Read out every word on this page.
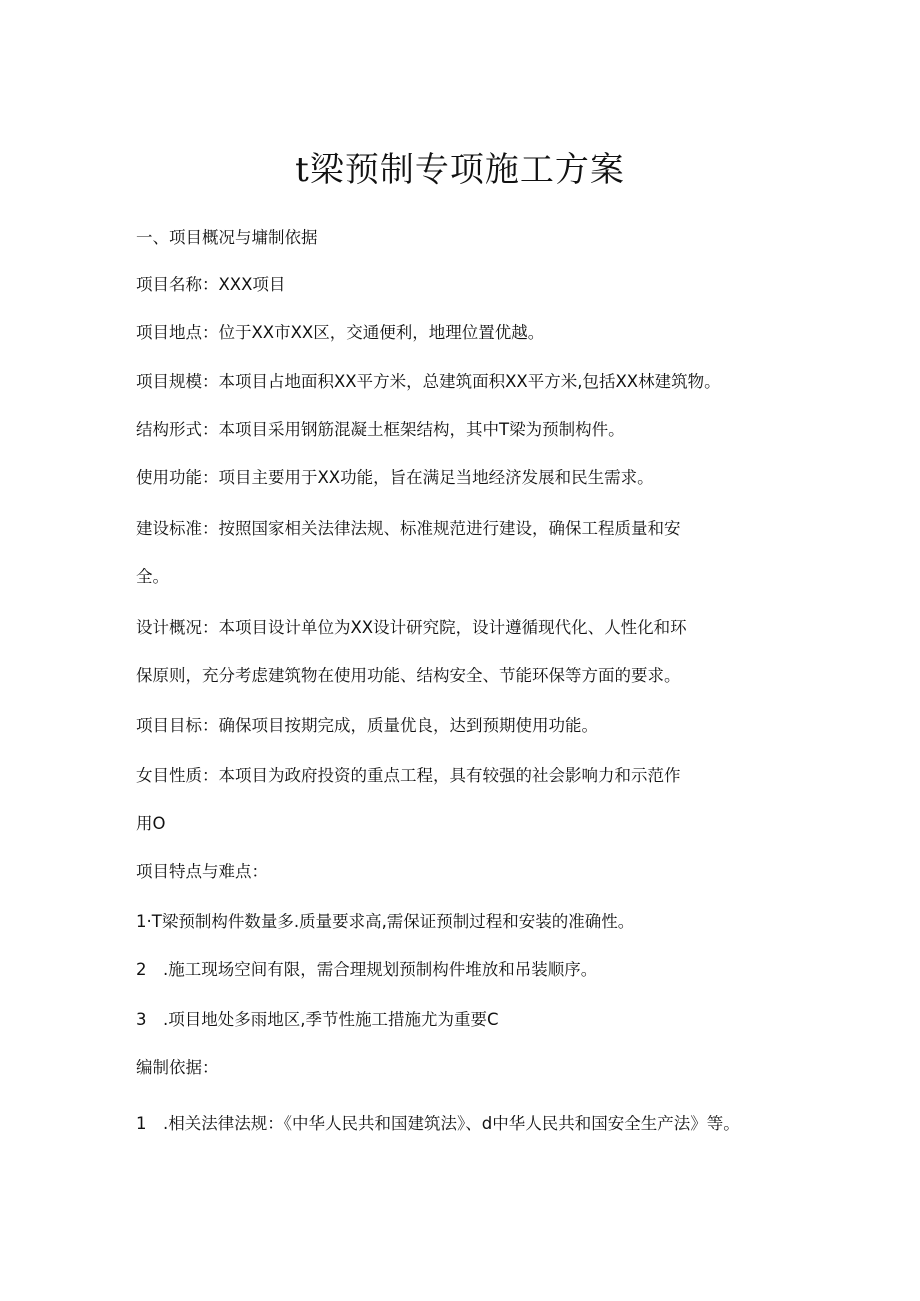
t梁预制专项施工方案
一、项目概况与墉制依据
项目名称：XXX项目
项目地点：位于XX市XX区，交通便利，地理位置优越。
项目规模：本项目占地面积XX平方米，总建筑面积XX平方米,包括XX林建筑物。
结构形式：本项目采用钢筋混凝土框架结构，其中T梁为预制构件。
使用功能：项目主要用于XX功能，旨在满足当地经济发展和民生需求。
建设标准：按照国家相关法律法规、标准规范进行建设，确保工程质量和安
全。
设计概况：本项目设计单位为XX设计研究院，设计遵循现代化、人性化和环
保原则，充分考虑建筑物在使用功能、结构安全、节能环保等方面的要求。
项目目标：确保项目按期完成，质量优良，达到预期使用功能。
女目性质：本项目为政府投资的重点工程，具有较强的社会影响力和示范作
用O
项目特点与难点：
1·T梁预制构件数量多.质量要求高,需保证预制过程和安装的准确性。
2　.施工现场空间有限，需合理规划预制构件堆放和吊装顺序。
3　.项目地处多雨地区,季节性施工措施尤为重要C
编制依据：
1　.相关法律法规：《中华人民共和国建筑法》、d中华人民共和国安全生产法》等。
